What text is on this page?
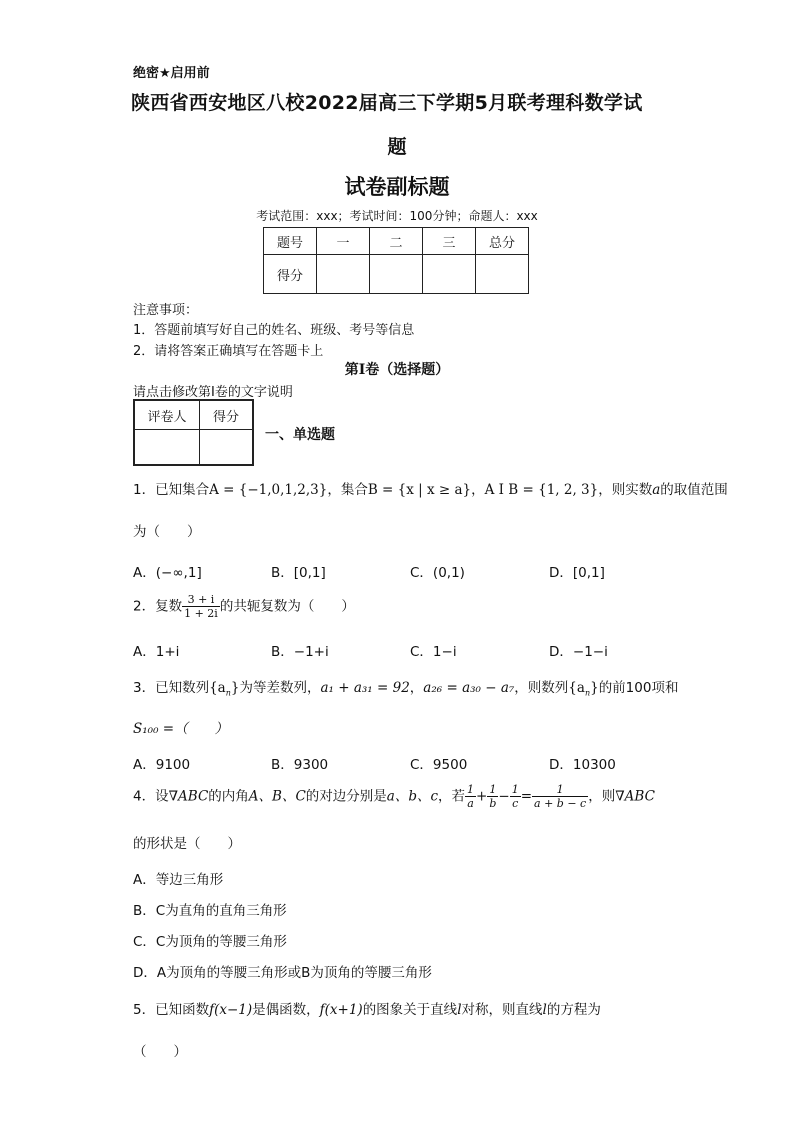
绝密★启用前
陕西省西安地区八校2022届高三下学期5月联考理科数学试
题
试卷副标题
考试范围：xxx；考试时间：100分钟；命题人：xxx
题号	一	二	三	总分
得分				
注意事项：
1．答题前填写好自己的姓名、班级、考号等信息
2．请将答案正确填写在答题卡上
第I卷（选择题）
请点击修改第I卷的文字说明
评卷人	得分

一、单选题
1．已知集合A = {−1,0,1,2,3}，集合B = {x | x ≥ a}，A I B = {1, 2, 3}，则实数a的取值范围
为（　　）
A．(−∞,1]	B．[0,1]	C．(0,1)	D．[0,1]
2．复数 $\frac{3 + i}{1 + 2i}$ 的共轭复数为（　　）
A．1+i	B．−1+i	C．1−i	D．−1−i
3．已知数列$\{a_n\}$为等差数列，a₁ + a₃₁ = 92，a₂₆ = a₃₀ − a₇，则数列$\{a_n\}$的前100项和
S₁₀₀ =（　　）
A．9100	B．9300	C．9500	D．10300
4．设∇ABC的内角A、B、C的对边分别是a、b、c，若 $\frac{1}{a} + \frac{1}{b} - \frac{1}{c} = \frac{1}{a + b - c}$ ，则∇ABC
的形状是（　　）
A．等边三角形
B．C为直角的直角三角形
C．C为顶角的等腰三角形
D．A为顶角的等腰三角形或B为顶角的等腰三角形
5．已知函数f(x−1)是偶函数，f(x+1)的图象关于直线l对称，则直线l的方程为
（　　）
